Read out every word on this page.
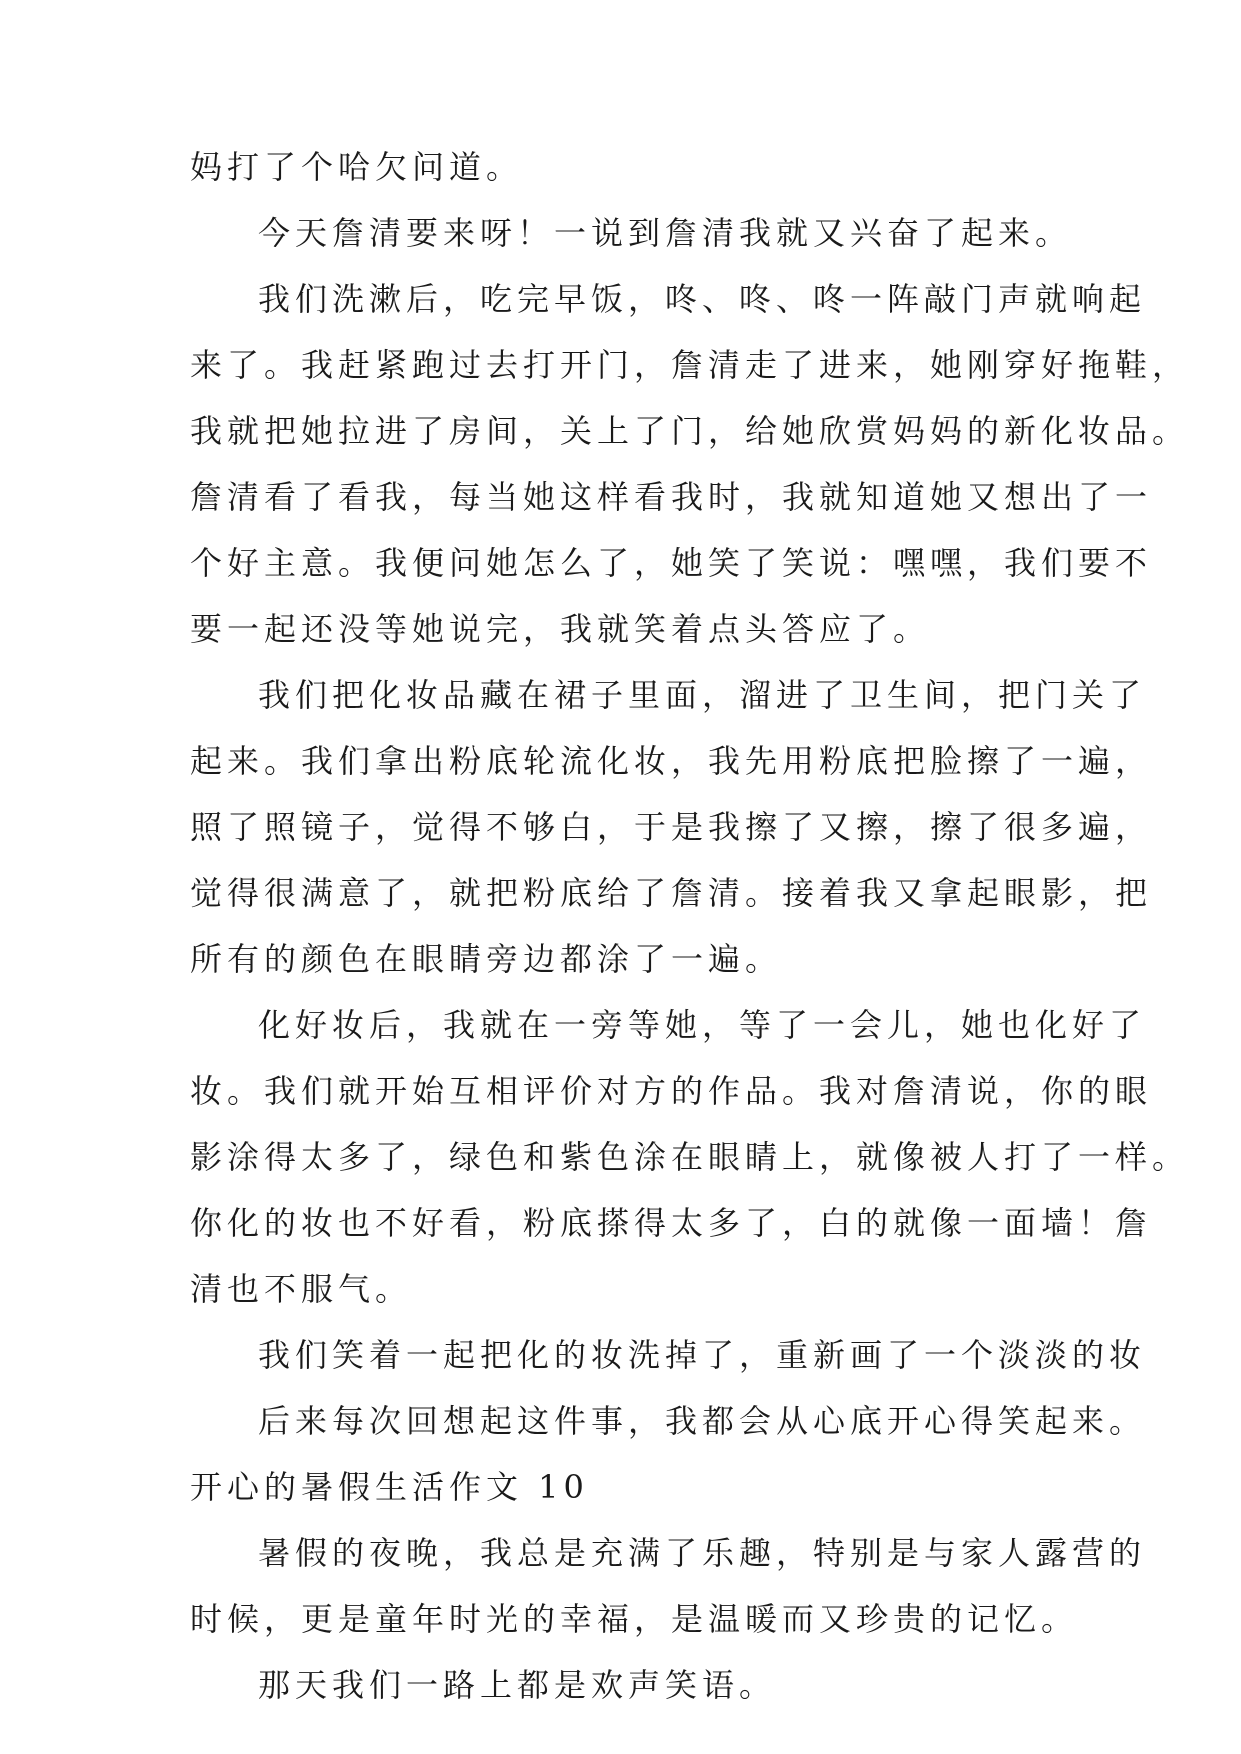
妈打了个哈欠问道。
今天詹清要来呀！一说到詹清我就又兴奋了起来。
我们洗漱后，吃完早饭，咚、咚、咚一阵敲门声就响起
来了。我赶紧跑过去打开门，詹清走了进来，她刚穿好拖鞋，
我就把她拉进了房间，关上了门，给她欣赏妈妈的新化妆品。
詹清看了看我，每当她这样看我时，我就知道她又想出了一
个好主意。我便问她怎么了，她笑了笑说：嘿嘿，我们要不
要一起还没等她说完，我就笑着点头答应了。
我们把化妆品藏在裙子里面，溜进了卫生间，把门关了
起来。我们拿出粉底轮流化妆，我先用粉底把脸擦了一遍，
照了照镜子，觉得不够白，于是我擦了又擦，擦了很多遍，
觉得很满意了，就把粉底给了詹清。接着我又拿起眼影，把
所有的颜色在眼睛旁边都涂了一遍。
化好妆后，我就在一旁等她，等了一会儿，她也化好了
妆。我们就开始互相评价对方的作品。我对詹清说，你的眼
影涂得太多了，绿色和紫色涂在眼睛上，就像被人打了一样。
你化的妆也不好看，粉底搽得太多了，白的就像一面墙！詹
清也不服气。
我们笑着一起把化的妆洗掉了，重新画了一个淡淡的妆
后来每次回想起这件事，我都会从心底开心得笑起来。
开心的暑假生活作文 10
暑假的夜晚，我总是充满了乐趣，特别是与家人露营的
时候，更是童年时光的幸福，是温暖而又珍贵的记忆。
那天我们一路上都是欢声笑语。
